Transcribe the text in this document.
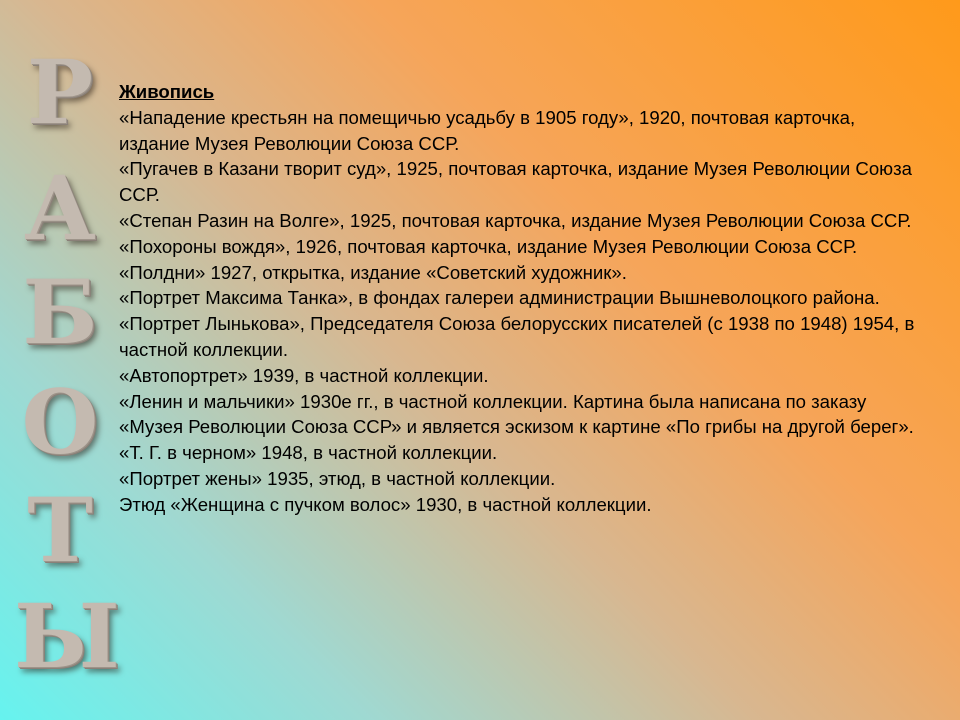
Р
А
Б
О
Т
Ы
Живопись
«Нападение крестьян на помещичью усадьбу в 1905 году», 1920, почтовая карточка, издание Музея Революции Союза ССР.
«Пугачев в Казани творит суд», 1925, почтовая карточка, издание Музея Революции Союза ССР.
«Степан Разин на Волге», 1925, почтовая карточка, издание Музея Революции Союза ССР.
«Похороны вождя», 1926, почтовая карточка, издание Музея Революции Союза ССР.
«Полдни» 1927, открытка, издание «Советский художник».
«Портрет Максима Танка», в фондах галереи администрации Вышневолоцкого района.
«Портрет Лынькова», Председателя Союза белорусских писателей (с 1938 по 1948) 1954, в частной коллекции.
«Автопортрет» 1939, в частной коллекции.
«Ленин и мальчики» 1930е гг., в частной коллекции. Картина была написана по заказу «Музея Революции Союза ССР» и является эскизом к картине «По грибы на другой берег».
«Т. Г. в черном» 1948, в частной коллекции.
«Портрет жены» 1935, этюд, в частной коллекции.
Этюд «Женщина с пучком волос» 1930, в частной коллекции.
